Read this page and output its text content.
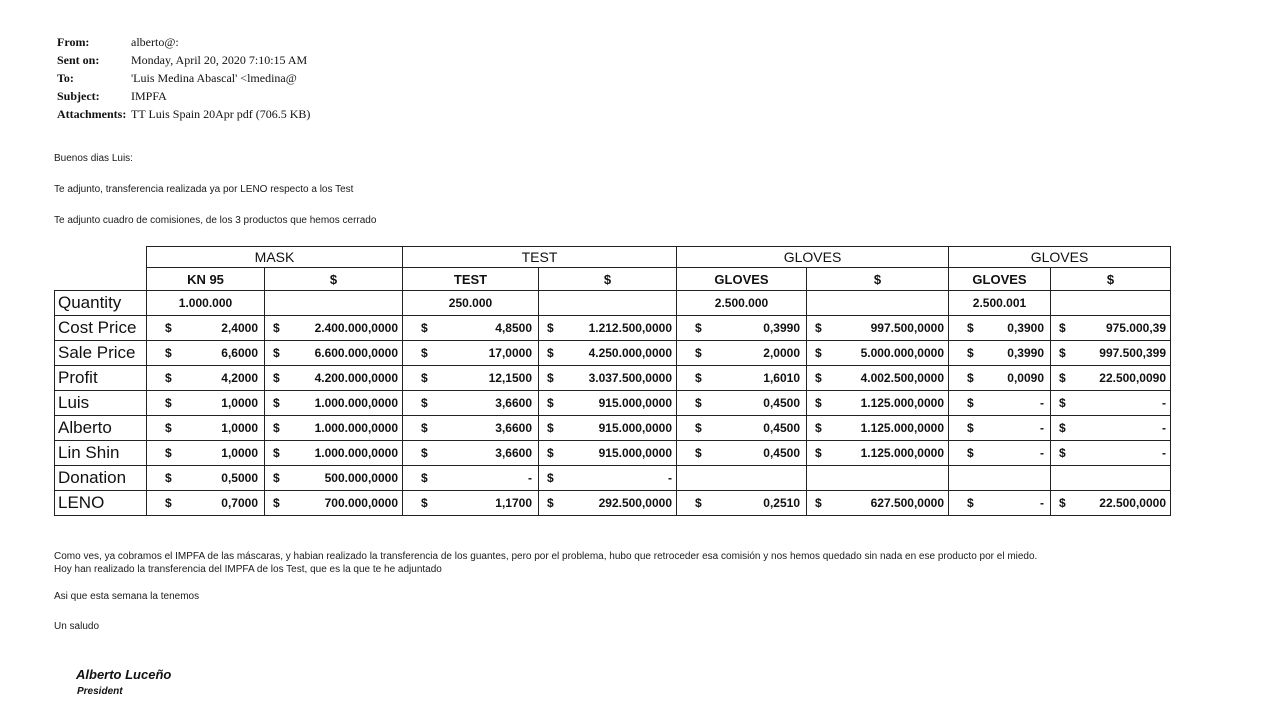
From:	alberto@:
Sent on:	Monday, April 20, 2020 7:10:15 AM
To:	'Luis Medina Abascal' <lmedina@
Subject:	IMPFA
Attachments: TT Luis Spain 20Apr pdf (706.5 KB)
Buenos dias Luis:
Te adjunto, transferencia realizada ya por LENO respecto a los Test
Te adjunto cuadro de comisiones, de los 3 productos que hemos cerrado
	MASK		TEST		GLOVES		GLOVES	
	KN 95	$	TEST	$	GLOVES	$	GLOVES	$
Quantity	1.000.000		250.000		2.500.000		2.500.001	
Cost Price	$ 2,4000	$ 2.400.000,0000	$ 4,8500	$ 1.212.500,0000	$ 0,3990	$ 997.500,0000	$ 0,3900	$ 975.000,39

Sale Price	$ 6,6000	$ 6.600.000,0000	$ 17,0000	$ 4.250.000,0000	$ 2,0000	$ 5.000.000,0000	$ 0,3990	$ 997.500,399

Profit	$ 4,2000	$ 4.200.000,0000	$ 12,1500	$ 3.037.500,0000	$ 1,6010	$ 4.002.500,0000	$ 0,0090	$ 22.500,0090

Luis	$ 1,0000	$ 1.000.000,0000	$ 3,6600	$ 915.000,0000	$ 0,4500	$ 1.125.000,0000	$ -	$ -

Alberto	$ 1,0000	$ 1.000.000,0000	$ 3,6600	$ 915.000,0000	$ 0,4500	$ 1.125.000,0000	$ -	$ -

Lin Shin	$ 1,0000	$ 1.000.000,0000	$ 3,6600	$ 915.000,0000	$ 0,4500	$ 1.125.000,0000	$ -	$ -

Donation	$ 0,5000	$ 500.000,0000	$ -	$ -				

LENO	$ 0,7000	$ 700.000,0000	$ 1,1700	$ 292.500,0000	$ 0,2510	$ 627.500,0000	$ -	$ 22.500,0000
Como ves, ya cobramos el IMPFA de las máscaras, y habian realizado la transferencia de los guantes, pero por el problema, hubo que retroceder esa comisión y nos hemos quedado sin nada en ese producto por el miedo.
Hoy han realizado la transferencia del IMPFA de los Test, que es la que te he adjuntado
Asi que esta semana la tenemos
Un saludo
Alberto Luceño
President
